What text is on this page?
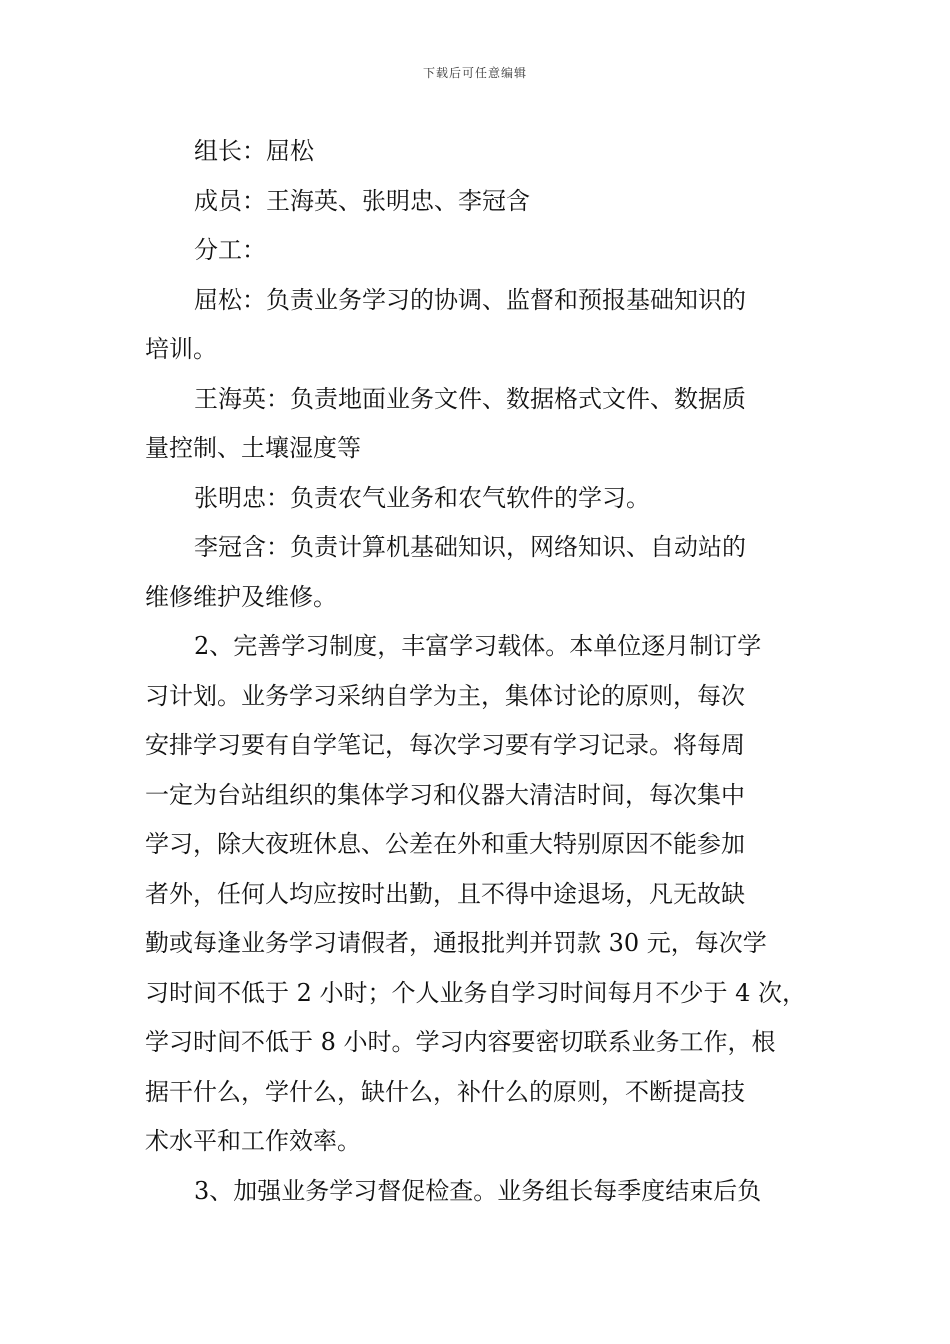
下载后可任意编辑
组长：屈松
成员：王海英、张明忠、李冠含
分工：
屈松：负责业务学习的协调、监督和预报基础知识的
培训。
王海英：负责地面业务文件、数据格式文件、数据质
量控制、土壤湿度等
张明忠：负责农气业务和农气软件的学习。
李冠含：负责计算机基础知识，网络知识、自动站的
维修维护及维修。
2、完善学习制度，丰富学习载体。本单位逐月制订学
习计划。业务学习采纳自学为主，集体讨论的原则，每次
安排学习要有自学笔记，每次学习要有学习记录。将每周
一定为台站组织的集体学习和仪器大清洁时间，每次集中
学习，除大夜班休息、公差在外和重大特别原因不能参加
者外，任何人均应按时出勤，且不得中途退场，凡无故缺
勤或每逢业务学习请假者，通报批判并罚款 30 元，每次学
习时间不低于 2 小时；个人业务自学习时间每月不少于 4 次，
学习时间不低于 8 小时。学习内容要密切联系业务工作，根
据干什么，学什么，缺什么，补什么的原则，不断提高技
术水平和工作效率。
3、加强业务学习督促检查。业务组长每季度结束后负
